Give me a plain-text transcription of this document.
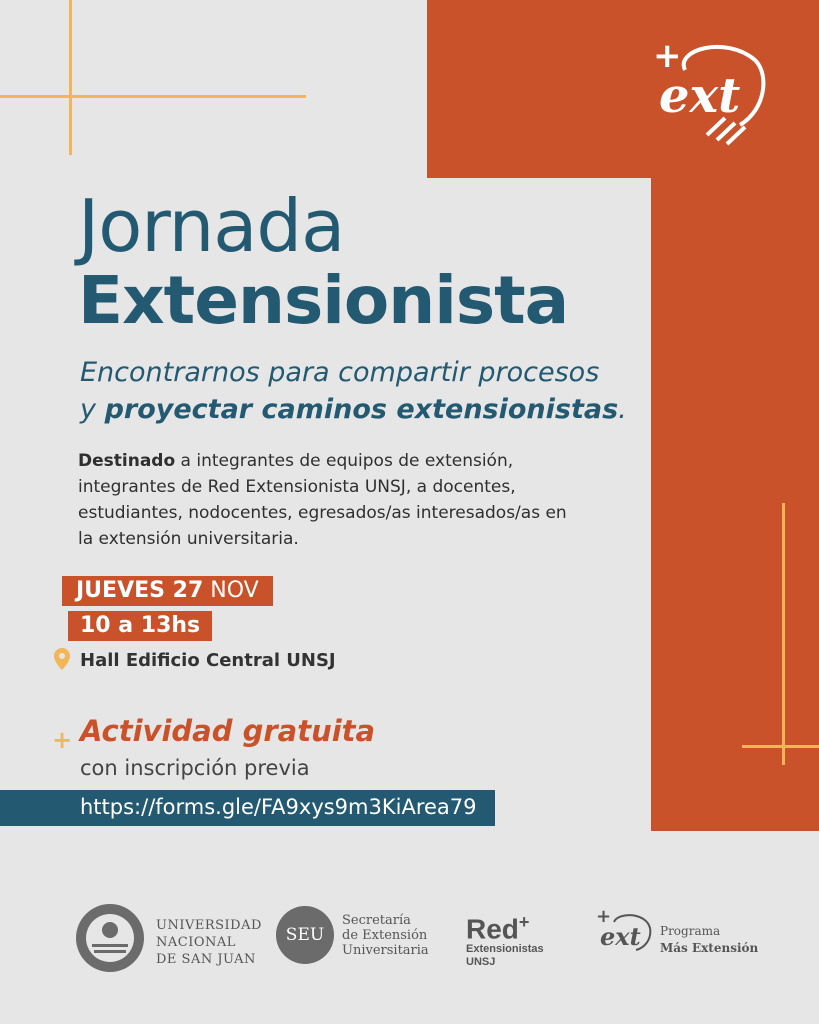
+
ext
Jornada
Extensionista
Encontrarnos para compartir procesos
y proyectar caminos extensionistas.
Destinado a integrantes de equipos de extensión, integrantes de Red Extensionista UNSJ, a docentes, estudiantes, nodocentes, egresados/as interesados/as en la extensión universitaria.
JUEVES 27 NOV
10 a 13hs
Hall Edificio Central UNSJ
+ Actividad gratuita
con inscripción previa
https://forms.gle/FA9xys9m3KiArea79
UNIVERSIDAD
NACIONAL
DE SAN JUAN
SEU
Secretaría
de Extensión
Universitaria
Red+
Extensionistas
UNSJ
+
ext Programa
Más Extensión
